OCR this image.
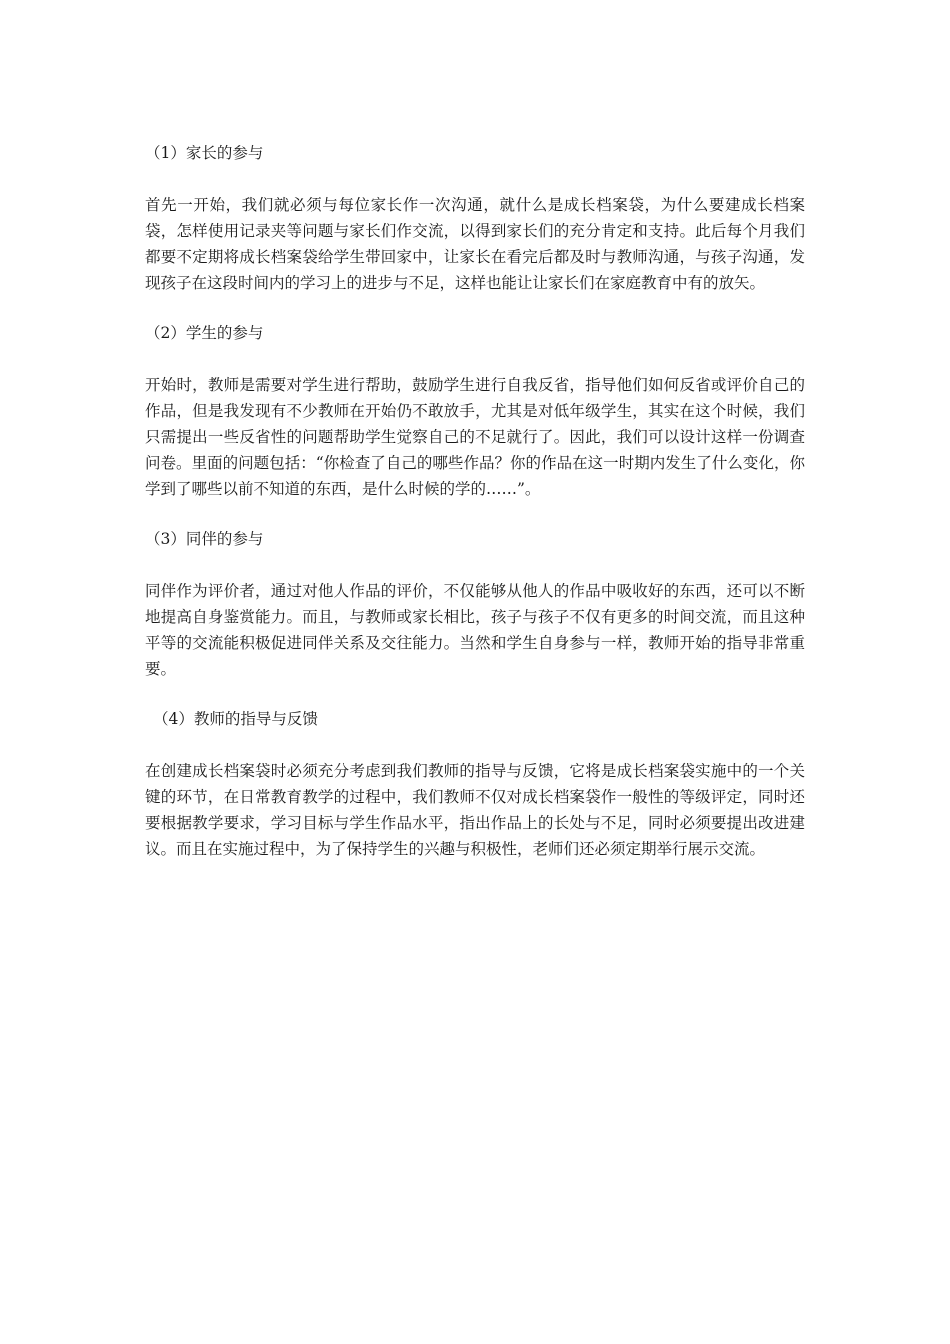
（1）家长的参与

首先一开始，我们就必须与每位家长作一次沟通，就什么是成长档案袋，为什么要建成长档案袋，怎样使用记录夹等问题与家长们作交流，以得到家长们的充分肯定和支持。此后每个月我们都要不定期将成长档案袋给学生带回家中，让家长在看完后都及时与教师沟通，与孩子沟通，发现孩子在这段时间内的学习上的进步与不足，这样也能让让家长们在家庭教育中有的放矢。

（2）学生的参与

开始时，教师是需要对学生进行帮助，鼓励学生进行自我反省，指导他们如何反省或评价自己的作品，但是我发现有不少教师在开始仍不敢放手，尤其是对低年级学生，其实在这个时候，我们只需提出一些反省性的问题帮助学生觉察自己的不足就行了。因此，我们可以设计这样一份调查问卷。里面的问题包括：“你检查了自己的哪些作品？你的作品在这一时期内发生了什么变化，你学到了哪些以前不知道的东西，是什么时候的学的……”。

（3）同伴的参与

同伴作为评价者，通过对他人作品的评价，不仅能够从他人的作品中吸收好的东西，还可以不断地提高自身鉴赏能力。而且，与教师或家长相比，孩子与孩子不仅有更多的时间交流，而且这种平等的交流能积极促进同伴关系及交往能力。当然和学生自身参与一样，教师开始的指导非常重要。

（4）教师的指导与反馈

在创建成长档案袋时必须充分考虑到我们教师的指导与反馈，它将是成长档案袋实施中的一个关键的环节，在日常教育教学的过程中，我们教师不仅对成长档案袋作一般性的等级评定，同时还要根据教学要求，学习目标与学生作品水平，指出作品上的长处与不足，同时必须要提出改进建议。而且在实施过程中，为了保持学生的兴趣与积极性，老师们还必须定期举行展示交流。
